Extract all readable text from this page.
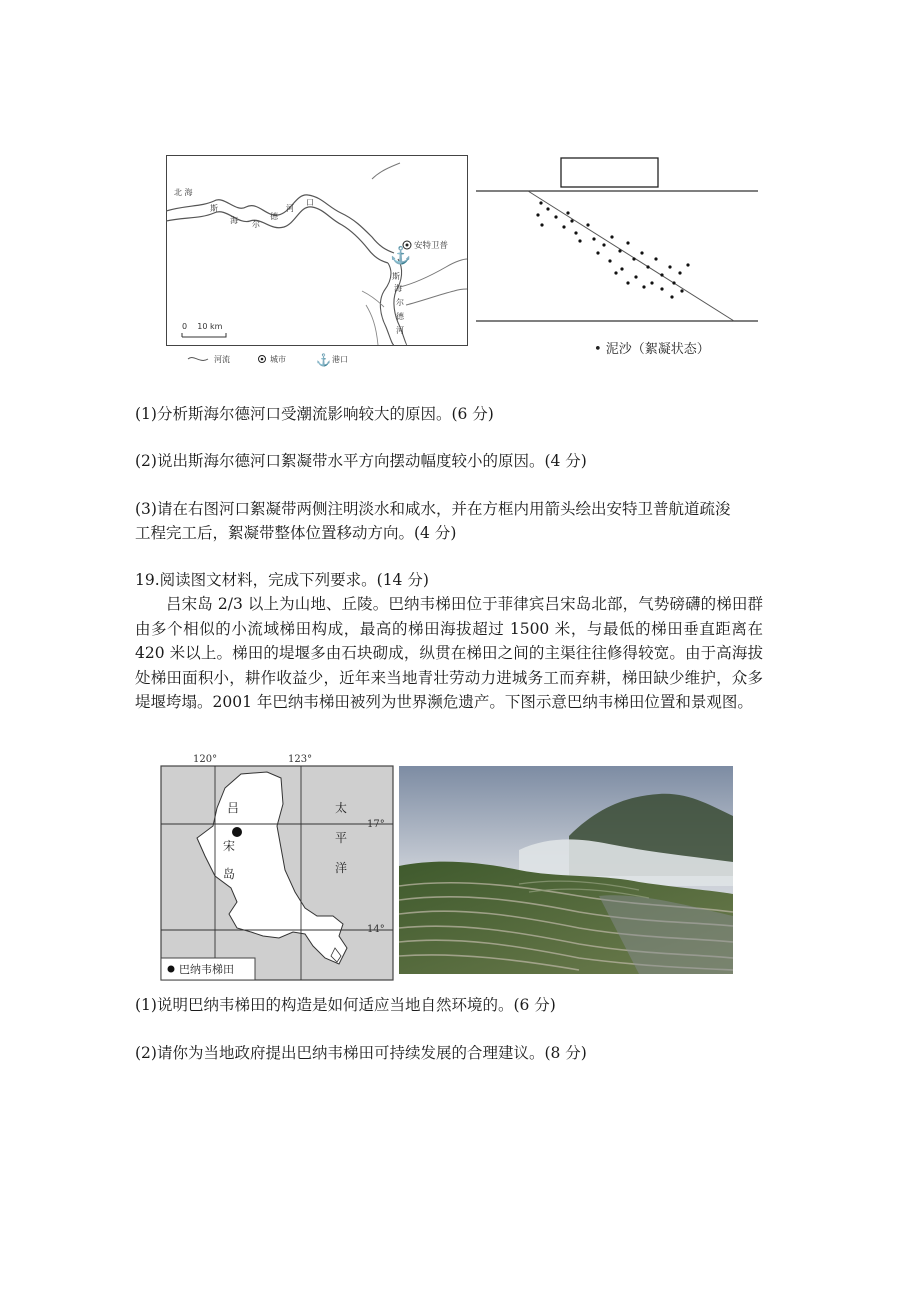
⚓
北 海
斯
海 尔
德
河
口
安特卫普
斯
海
尔
德
河
0    10 km
河流	城市	⚓ 港口
• 泥沙（絮凝状态）
(1)分析斯海尔德河口受潮流影响较大的原因。(6 分)
(2)说出斯海尔德河口絮凝带水平方向摆动幅度较小的原因。(4 分)
(3)请在右图河口絮凝带两侧注明淡水和咸水，并在方框内用箭头绘出安特卫普航道疏浚
工程完工后，絮凝带整体位置移动方向。(4 分)
19.阅读图文材料，完成下列要求。(14 分)
吕宋岛 2/3 以上为山地、丘陵。巴纳韦梯田位于菲律宾吕宋岛北部，气势磅礴的梯田群由多个相似的小流域梯田构成，最高的梯田海拔超过 1500 米，与最低的梯田垂直距离在 420 米以上。梯田的堤堰多由石块砌成，纵贯在梯田之间的主渠往往修得较宽。由于高海拔处梯田面积小，耕作收益少，近年来当地青壮劳动力进城务工而弃耕，梯田缺少维护，众多堤堰垮塌。2001 年巴纳韦梯田被列为世界濒危遗产。下图示意巴纳韦梯田位置和景观图。
120°	123°
17°
14°
吕
宋
岛
太
平
洋
巴纳韦梯田
(1)说明巴纳韦梯田的构造是如何适应当地自然环境的。(6 分)
(2)请你为当地政府提出巴纳韦梯田可持续发展的合理建议。(8 分)
